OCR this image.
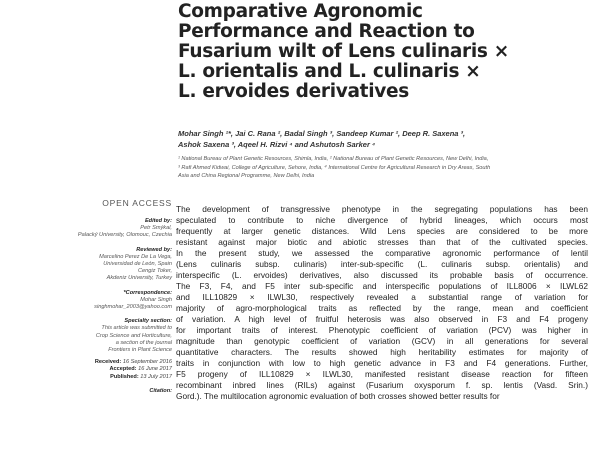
Comparative Agronomic
Performance and Reaction to
Fusarium wilt of Lens culinaris ×
L. orientalis and L. culinaris ×
L. ervoides derivatives
Mohar Singh ¹*, Jai C. Rana ², Badal Singh ³, Sandeep Kumar ², Deep R. Saxena ³,
Ashok Saxena ³, Aqeel H. Rizvi ⁴ and Ashutosh Sarker ⁴

¹ National Bureau of Plant Genetic Resources, Shimla, India, ² National Bureau of Plant Genetic Resources, New Delhi, India,

³ Rafi Ahmed Kidwai, College of Agriculture, Sehore, India, ⁴ International Centre for Agricultural Research in Dry Areas, South

Asia and China Regional Programme, New Delhi, India

OPEN ACCESS
Edited by:
Petr Smýkal,
Palacký University, Olomouc, Czechia
Reviewed by:
Marcelino Perez De La Vega,
Universidad de León, Spain
Cengiz Toker,
Akdeniz University, Turkey
*Correspondence:
Mohar Singh
singhmohar_2003@yahoo.com
Specialty section:
This article was submitted to
Crop Science and Horticulture,
a section of the journal
Frontiers in Plant Science
Received: 16 September 2016
Accepted: 16 June 2017
Published: 13 July 2017
Citation:

The development of transgressive phenotype in the segregating populations has been
speculated to contribute to niche divergence of hybrid lineages, which occurs most
frequently at larger genetic distances. Wild Lens species are considered to be more
resistant against major biotic and abiotic stresses than that of the cultivated species.
In the present study, we assessed the comparative agronomic performance of lentil
(Lens culinaris subsp. culinaris) inter-sub-specific (L. culinaris subsp. orientalis) and
interspecific (L. ervoides) derivatives, also discussed its probable basis of occurrence.
The F3, F4, and F5 inter sub-specific and interspecific populations of ILL8006 × ILWL62
and ILL10829 × ILWL30, respectively revealed a substantial range of variation for
majority of agro-morphological traits as reflected by the range, mean and coefficient
of variation. A high level of fruitful heterosis was also observed in F3 and F4 progeny
for important traits of interest. Phenotypic coefficient of variation (PCV) was higher in
magnitude than genotypic coefficient of variation (GCV) in all generations for several
quantitative characters. The results showed high heritability estimates for majority of
traits in conjunction with low to high genetic advance in F3 and F4 generations. Further,
F5 progeny of ILL10829 × ILWL30, manifested resistant disease reaction for fifteen
recombinant inbred lines (RILs) against (Fusarium oxysporum f. sp. lentis (Vasd. Srin.)
Gord.). The multilocation agronomic evaluation of both crosses showed better results for
